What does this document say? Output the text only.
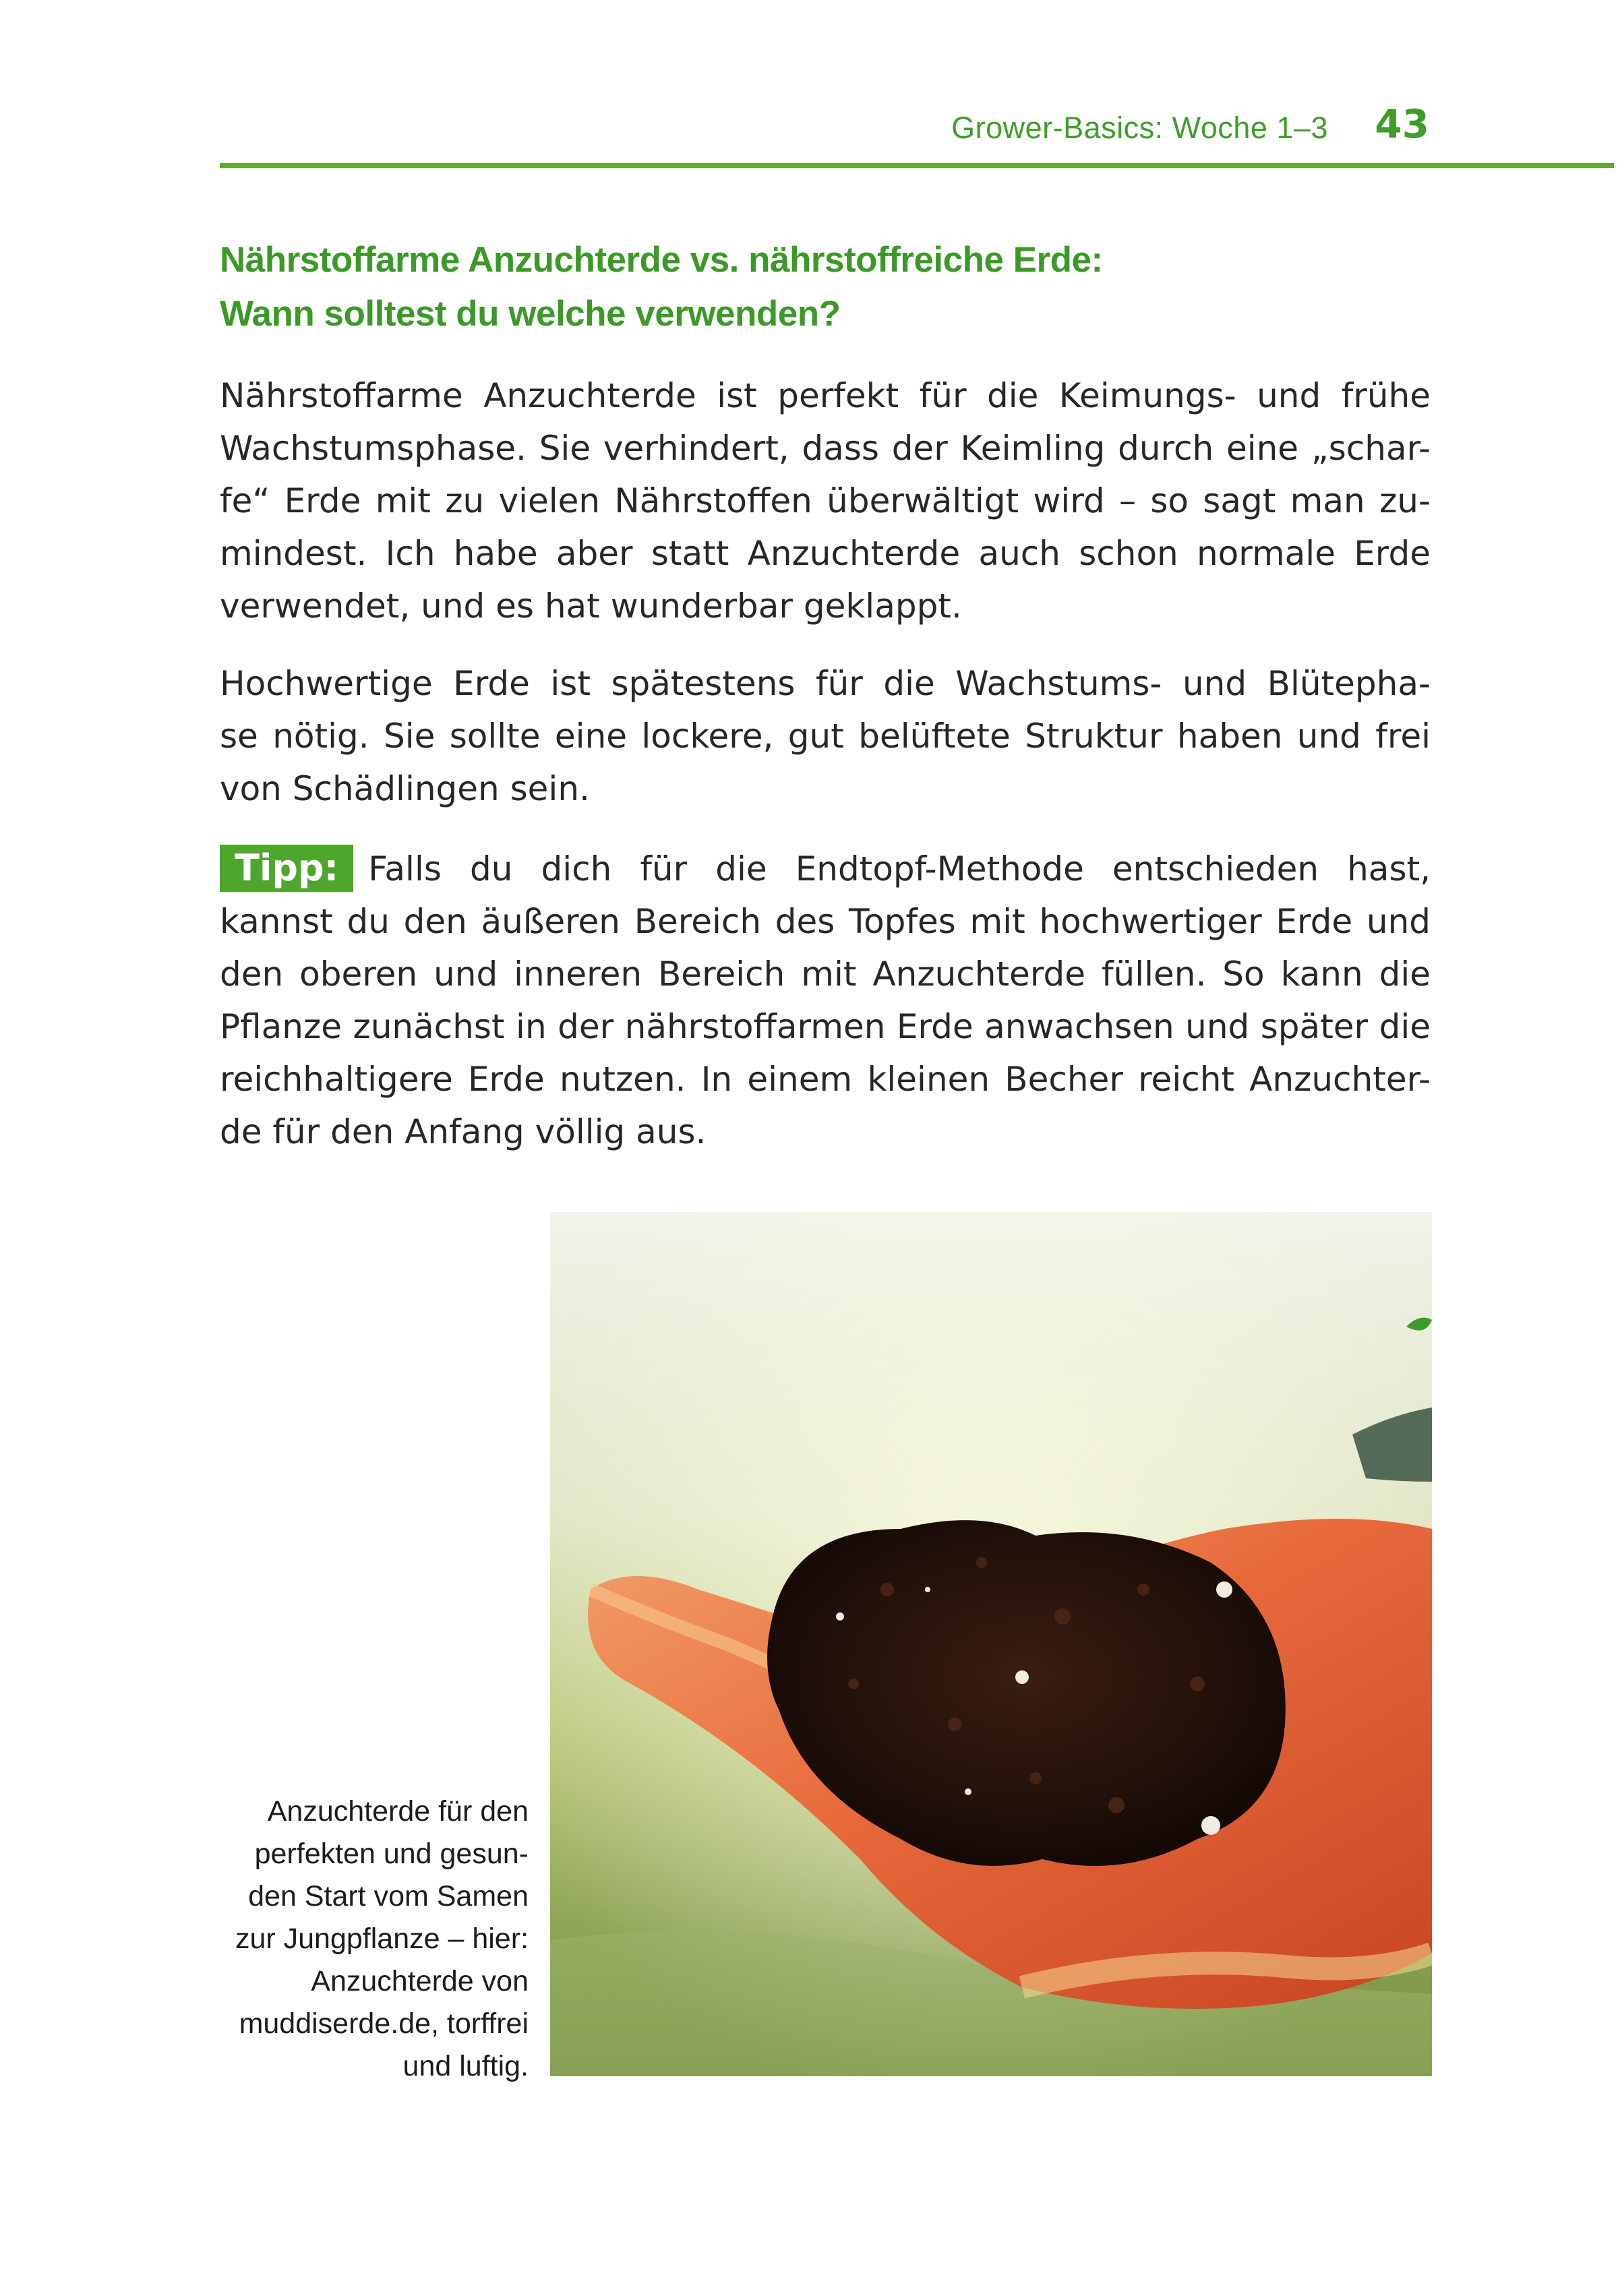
Grower-Basics: Woche 1–3 43
Nährstoffarme Anzuchterde vs. nährstoffreiche Erde:
Wann solltest du welche verwenden?
Nährstoffarme Anzuchterde ist perfekt für die Keimungs- und frühe
Wachstumsphase. Sie verhindert, dass der Keimling durch eine „schar-
fe“ Erde mit zu vielen Nährstoffen überwältigt wird – so sagt man zu-
mindest. Ich habe aber statt Anzuchterde auch schon normale Erde
verwendet, und es hat wunderbar geklappt.
Hochwertige Erde ist spätestens für die Wachstums- und Blütepha-
se nötig. Sie sollte eine lockere, gut belüftete Struktur haben und frei
von Schädlingen sein.
Tipp: Falls du dich für die Endtopf-Methode entschieden hast,
kannst du den äußeren Bereich des Topfes mit hochwertiger Erde und
den oberen und inneren Bereich mit Anzuchterde füllen. So kann die
Pflanze zunächst in der nährstoffarmen Erde anwachsen und später die
reichhaltigere Erde nutzen. In einem kleinen Becher reicht Anzuchter-
de für den Anfang völlig aus.
Anzuchterde für den
perfekten und gesun-
den Start vom Samen
zur Jungpflanze – hier:
Anzuchterde von
muddiserde.de, torffrei
und luftig.
